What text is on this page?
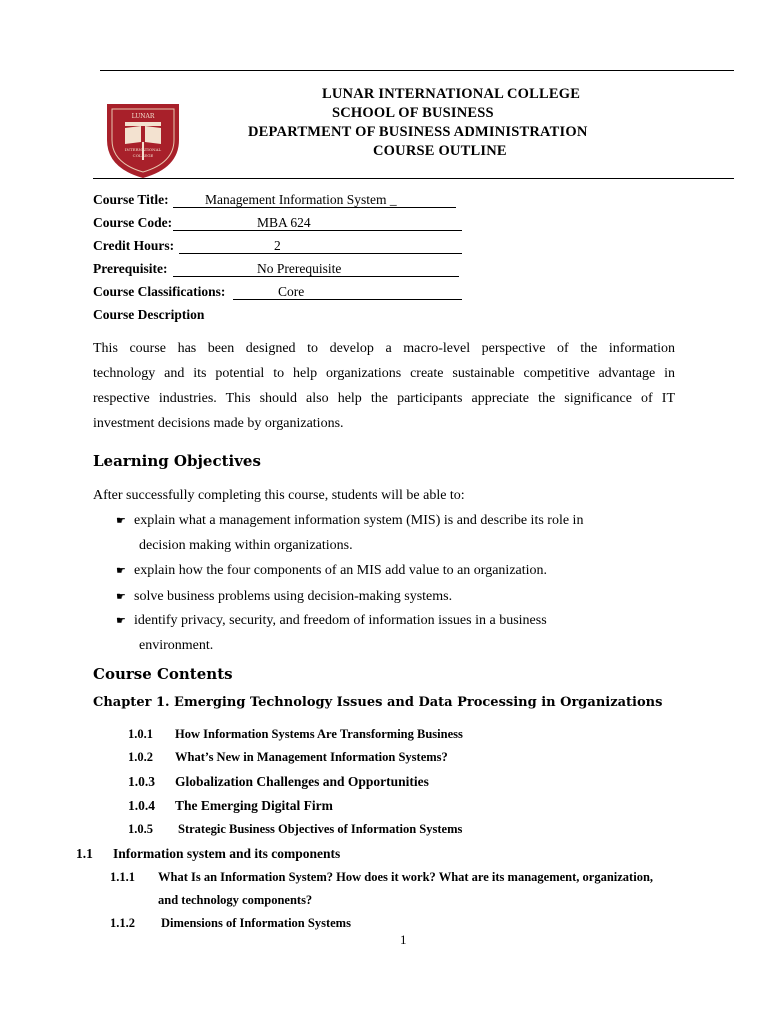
LUNAR
INTERNATIONAL
COLLEGE
LUNAR INTERNATIONAL COLLEGE
SCHOOL OF BUSINESS
DEPARTMENT OF BUSINESS ADMINISTRATION
COURSE OUTLINE
Course Title:	Management Information System _
Course Code:	MBA 624
Credit Hours:	2
Prerequisite:	No Prerequisite
Course Classifications:	Core
Course Description
This course has been designed to develop a macro-level perspective of the information
technology and its potential to help organizations create sustainable competitive advantage in
respective industries. This should also help the participants appreciate the significance of IT
investment decisions made by organizations.
Learning Objectives
After successfully completing this course, students will be able to:
☛ explain what a management information system (MIS) is and describe its role in
decision making within organizations.
☛ explain how the four components of an MIS add value to an organization.
☛ solve business problems using decision-making systems.
☛ identify privacy, security, and freedom of information issues in a business
environment.
Course Contents
Chapter 1. Emerging Technology Issues and Data Processing in Organizations
1.0.1 How Information Systems Are Transforming Business
1.0.2 What’s New in Management Information Systems?
1.0.3 Globalization Challenges and Opportunities
1.0.4 The Emerging Digital Firm
1.0.5 Strategic Business Objectives of Information Systems
1.1 Information system and its components
1.1.1 What Is an Information System? How does it work? What are its management, organization,
and technology components?
1.1.2 Dimensions of Information Systems
1
